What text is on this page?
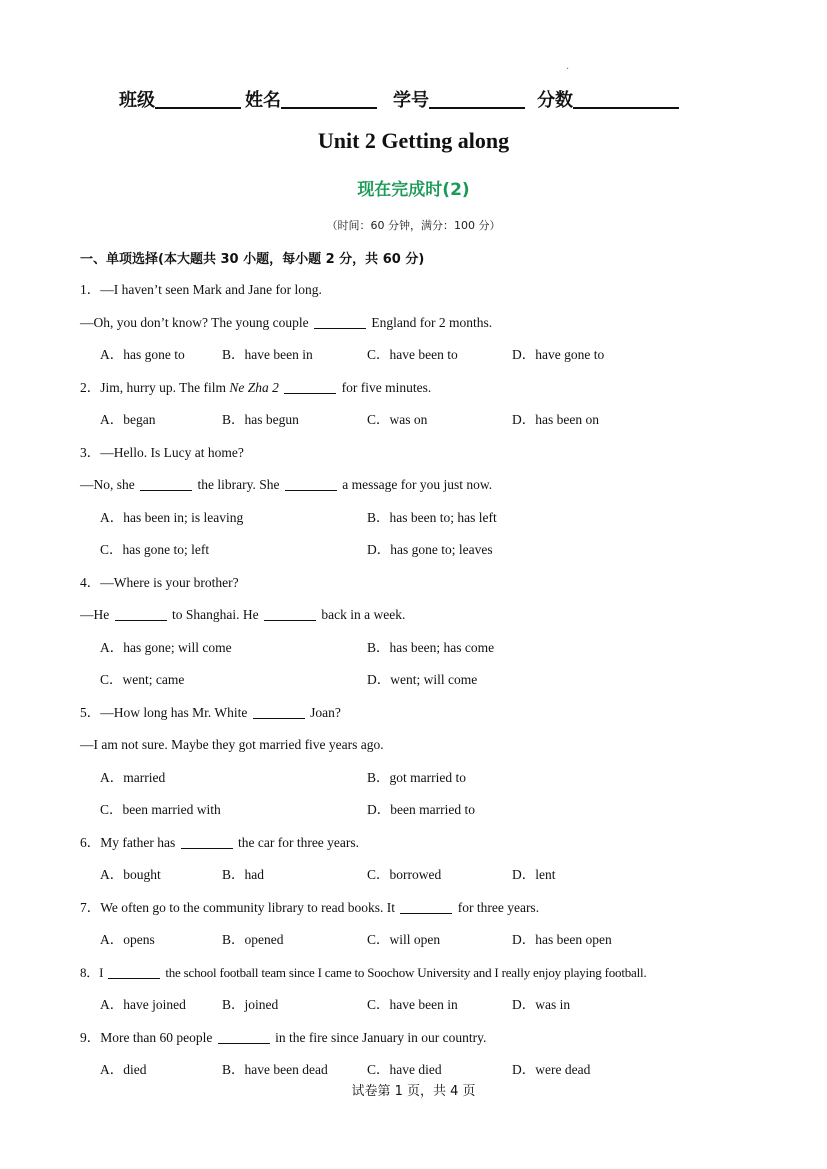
·
班级	姓名	学号	分数
Unit 2 Getting along
现在完成时(2)
（时间：60 分钟，满分：100 分）
一、单项选择(本大题共 30 小题，每小题 2 分，共 60 分)
1．—I haven’t seen Mark and Jane for long.
—Oh, you don’t know? The young couple	England for 2 months.
A．has gone to	B．have been in	C．have been to	D．have gone to
2．Jim, hurry up. The film Ne Zha 2	for five minutes.
A．began	B．has begun	C．was on	D．has been on
3．—Hello. Is Lucy at home?
—No, she	the library. She	a message for you just now.
A．has been in; is leaving	B．has been to; has left
C．has gone to; left	D．has gone to; leaves
4．—Where is your brother?
—He	to Shanghai. He	back in a week.
A．has gone; will come	B．has been; has come
C．went; came	D．went; will come
5．—How long has Mr. White	Joan?
—I am not sure. Maybe they got married five years ago.
A．married	B．got married to
C．been married with	D．been married to
6．My father has	the car for three years.
A．bought	B．had	C．borrowed	D．lent
7．We often go to the community library to read books. It	for three years.
A．opens	B．opened	C．will open	D．has been open
8．I	the school football team since I came to Soochow University and I really enjoy playing football.
A．have joined	B．joined	C．have been in	D．was in
9．More than 60 people	in the fire since January in our country.
A．died	B．have been dead	C．have died	D．were dead
试卷第 1 页，共 4 页
